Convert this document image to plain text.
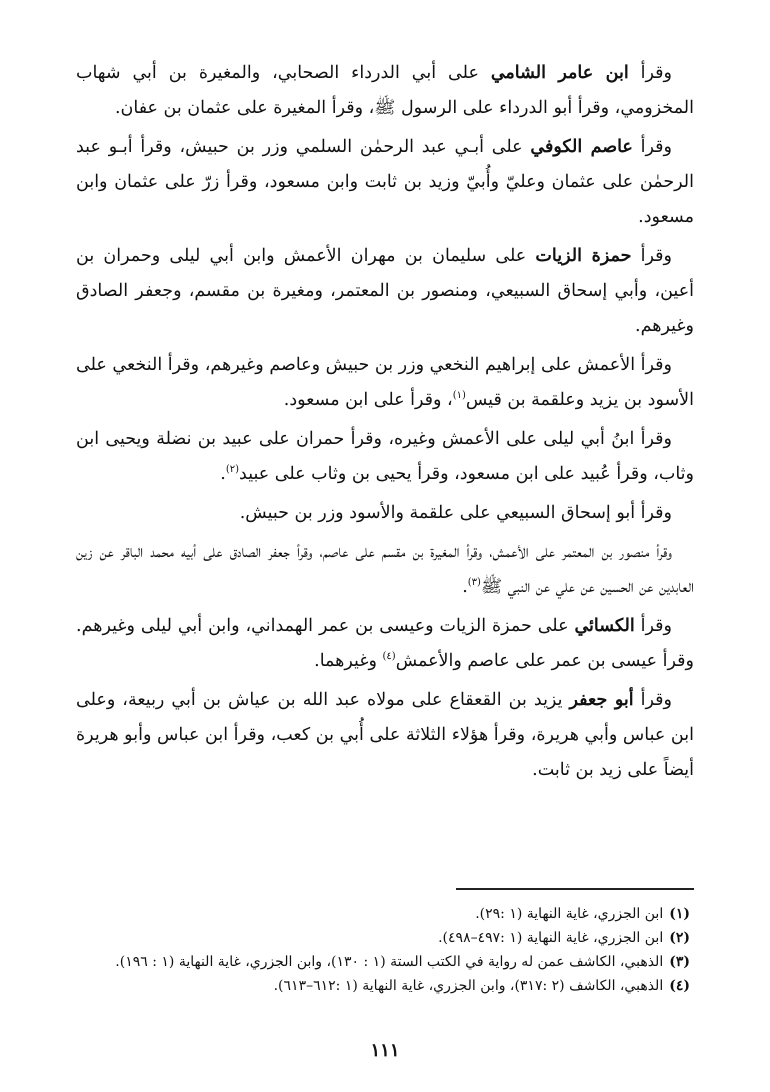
وقرأ ابن عامر الشامي على أبي الدرداء الصحابي، والمغيرة بن أبي شهاب المخزومي، وقرأ أبو الدرداء على الرسول ﷺ، وقرأ المغيرة على عثمان بن عفان.

وقرأ عاصم الكوفي على أبـي عبد الرحمٰن السلمي وزر بن حبيش، وقرأ أبـو عبد الرحمٰن على عثمان وعليّ وأُبيّ وزيد بن ثابت وابن مسعود، وقرأ زرّ على عثمان وابن مسعود.

وقرأ حمزة الزيات على سليمان بن مهران الأعمش وابن أبي ليلى وحمران بن أعين، وأبي إسحاق السبيعي، ومنصور بن المعتمر، ومغيرة بن مقسم، وجعفر الصادق وغيرهم.

وقرأ الأعمش على إبراهيم النخعي وزر بن حبيش وعاصم وغيرهم، وقرأ النخعي على الأسود بن يزيد وعلقمة بن قيس$^{(١)}$، وقرأ على ابن مسعود.

وقرأ ابنُ أبي ليلى على الأعمش وغيره، وقرأ حمران على عبيد بن نضلة ويحيى ابن وثاب، وقرأ عُبيد على ابن مسعود، وقرأ يحيى بن وثاب على عبيد$^{(٢)}$.

وقرأ أبو إسحاق السبيعي على علقمة والأسود وزر بن حبيش.

وقرأ منصور بن المعتمر على الأعمش، وقرأ المغيرة بن مقسم على عاصم، وقرأ جعفر الصادق على أبيه محمد الباقر عن زين العابدين عن الحسين عن علي عن النبي ﷺ$^{(٣)}$.

وقرأ الكسائي على حمزة الزيات وعيسى بن عمر الهمداني، وابن أبي ليلى وغيرهم. وقرأ عيسى بن عمر على عاصم والأعمش$^{(٤)}$ وغيرهما.

وقرأ أبو جعفر يزيد بن القعقاع على مولاه عبد الله بن عياش بن أبي ربيعة، وعلى ابن عباس وأبي هريرة، وقرأ هؤلاء الثلاثة على أُبي بن كعب، وقرأ ابن عباس وأبو هريرة أيضاً على زيد بن ثابت.

(١)ابن الجزري، غاية النهاية (١ :٢٩).

(٢)ابن الجزري، غاية النهاية (١ :٤٩٧–٤٩٨).

(٣)الذهبي، الكاشف عمن له رواية في الكتب الستة (١ : ١٣٠)، وابن الجزري، غاية النهاية (١ : ١٩٦).

(٤)الذهبي، الكاشف (٢ :٣١٧)، وابن الجزري، غاية النهاية (١ :٦١٢–٦١٣).

١١١
